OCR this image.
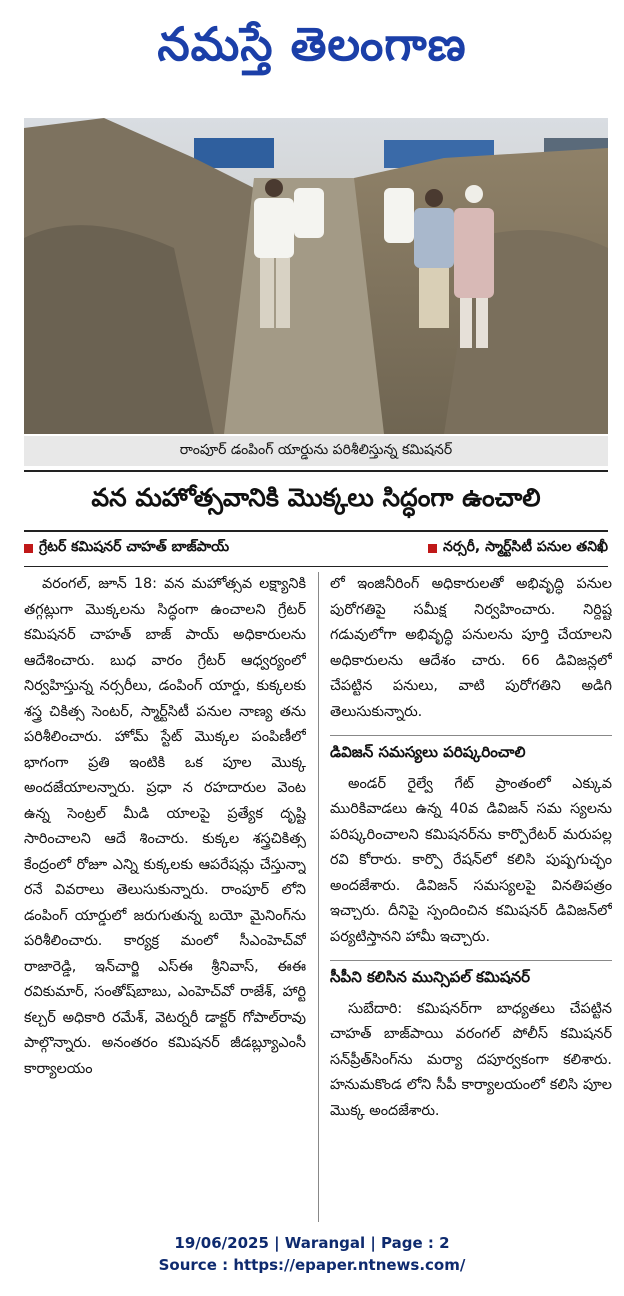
నమస్తే తెలంగాణ
రాంపూర్ డంపింగ్ యార్డును పరిశీలిస్తున్న కమిషనర్
వన మహోత్సవానికి మొక్కలు సిద్ధంగా ఉంచాలి
గ్రేటర్ కమిషనర్ చాహత్ బాజ్‌పాయ్	నర్సరీ, స్మార్ట్‌సిటీ పనుల తనిఖీ

వరంగల్, జూన్ 18: వన మహోత్సవ లక్ష్యానికి తగ్గట్లుగా మొక్కలను సిద్ధంగా ఉంచాలని గ్రేటర్ కమిషనర్ చాహత్ బాజ్ పాయ్ అధికారులను ఆదేశించారు. బుధ వారం గ్రేటర్ ఆధ్వర్యంలో నిర్వహిస్తున్న నర్సరీలు, డంపింగ్ యార్డు, కుక్కలకు శస్త్ర చికిత్స సెంటర్, స్మార్ట్‌సిటీ పనుల నాణ్య తను పరిశీలించారు. హోమ్ స్టేట్ మొక్కల పంపిణీలో భాగంగా ప్రతి ఇంటికి ఒక పూల మొక్క అందజేయాలన్నారు. ప్రధా న రహదారుల వెంట ఉన్న సెంట్రల్ మీడి యాలపై ప్రత్యేక దృష్టి సారించాలని ఆదే శించారు. కుక్కల శస్త్రచికిత్స కేంద్రంలో రోజూ ఎన్ని కుక్కలకు ఆపరేషన్లు చేస్తున్నా రనే వివరాలు తెలుసుకున్నారు. రాంపూర్ లోని డంపింగ్ యార్డులో జరుగుతున్న బయో మైనింగ్‌ను పరిశీలించారు. కార్యక్ర మంలో సీఎంహెచ్‌వో రాజారెడ్డి, ఇన్‌చార్జి ఎస్ఈ శ్రీనివాస్, ఈఈ రవికుమార్, సంతోష్‌బాబు, ఎంహెచ్‌వో రాజేశ్, హార్టి కల్చర్ అధికారి రమేశ్, వెటర్నరీ డాక్టర్ గోపాల్‌రావు పాల్గొన్నారు. అనంతరం కమిషనర్ జీడబ్ల్యూఎంసీ కార్యాలయం

లో ఇంజినీరింగ్ అధికారులతో అభివృద్ధి పనుల పురోగతిపై సమీక్ష నిర్వహించారు. నిర్దిష్ట గడువులోగా అభివృద్ధి పనులను పూర్తి చేయాలని అధికారులను ఆదేశం చారు. 66 డివిజన్లలో చేపట్టిన పనులు, వాటి పురోగతిని అడిగి తెలుసుకున్నారు.

డివిజన్ సమస్యలు పరిష్కరించాలి

అండర్ రైల్వే గేట్ ప్రాంతంలో ఎక్కువ మురికివాడలు ఉన్న 40వ డివిజన్ సమ స్యలను పరిష్కరించాలని కమిషనర్‌ను కార్పొరేటర్ మరుపల్ల రవి కోరారు. కార్పొ రేషన్‌లో కలిసి పుష్పగుచ్ఛం అందజేశారు. డివిజన్ సమస్యలపై వినతిపత్రం ఇచ్చారు. దీనిపై స్పందించిన కమిషనర్ డివిజన్‌లో పర్యటిస్తానని హామీ ఇచ్చారు.

సీపీని కలిసిన మున్సిపల్ కమిషనర్

సుబేదారి: కమిషనర్‌గా బాధ్యతలు చేపట్టిన చాహత్ బాజ్‌పాయి వరంగల్ పోలీస్ కమిషనర్ సన్‌ప్రీత్‌సింగ్‌ను మర్యా దపూర్వకంగా కలిశారు. హనుమకొండ లోని సీపీ కార్యాలయంలో కలిసి పూల మొక్క అందజేశారు.

19/06/2025 | Warangal | Page : 2
Source : https://epaper.ntnews.com/
